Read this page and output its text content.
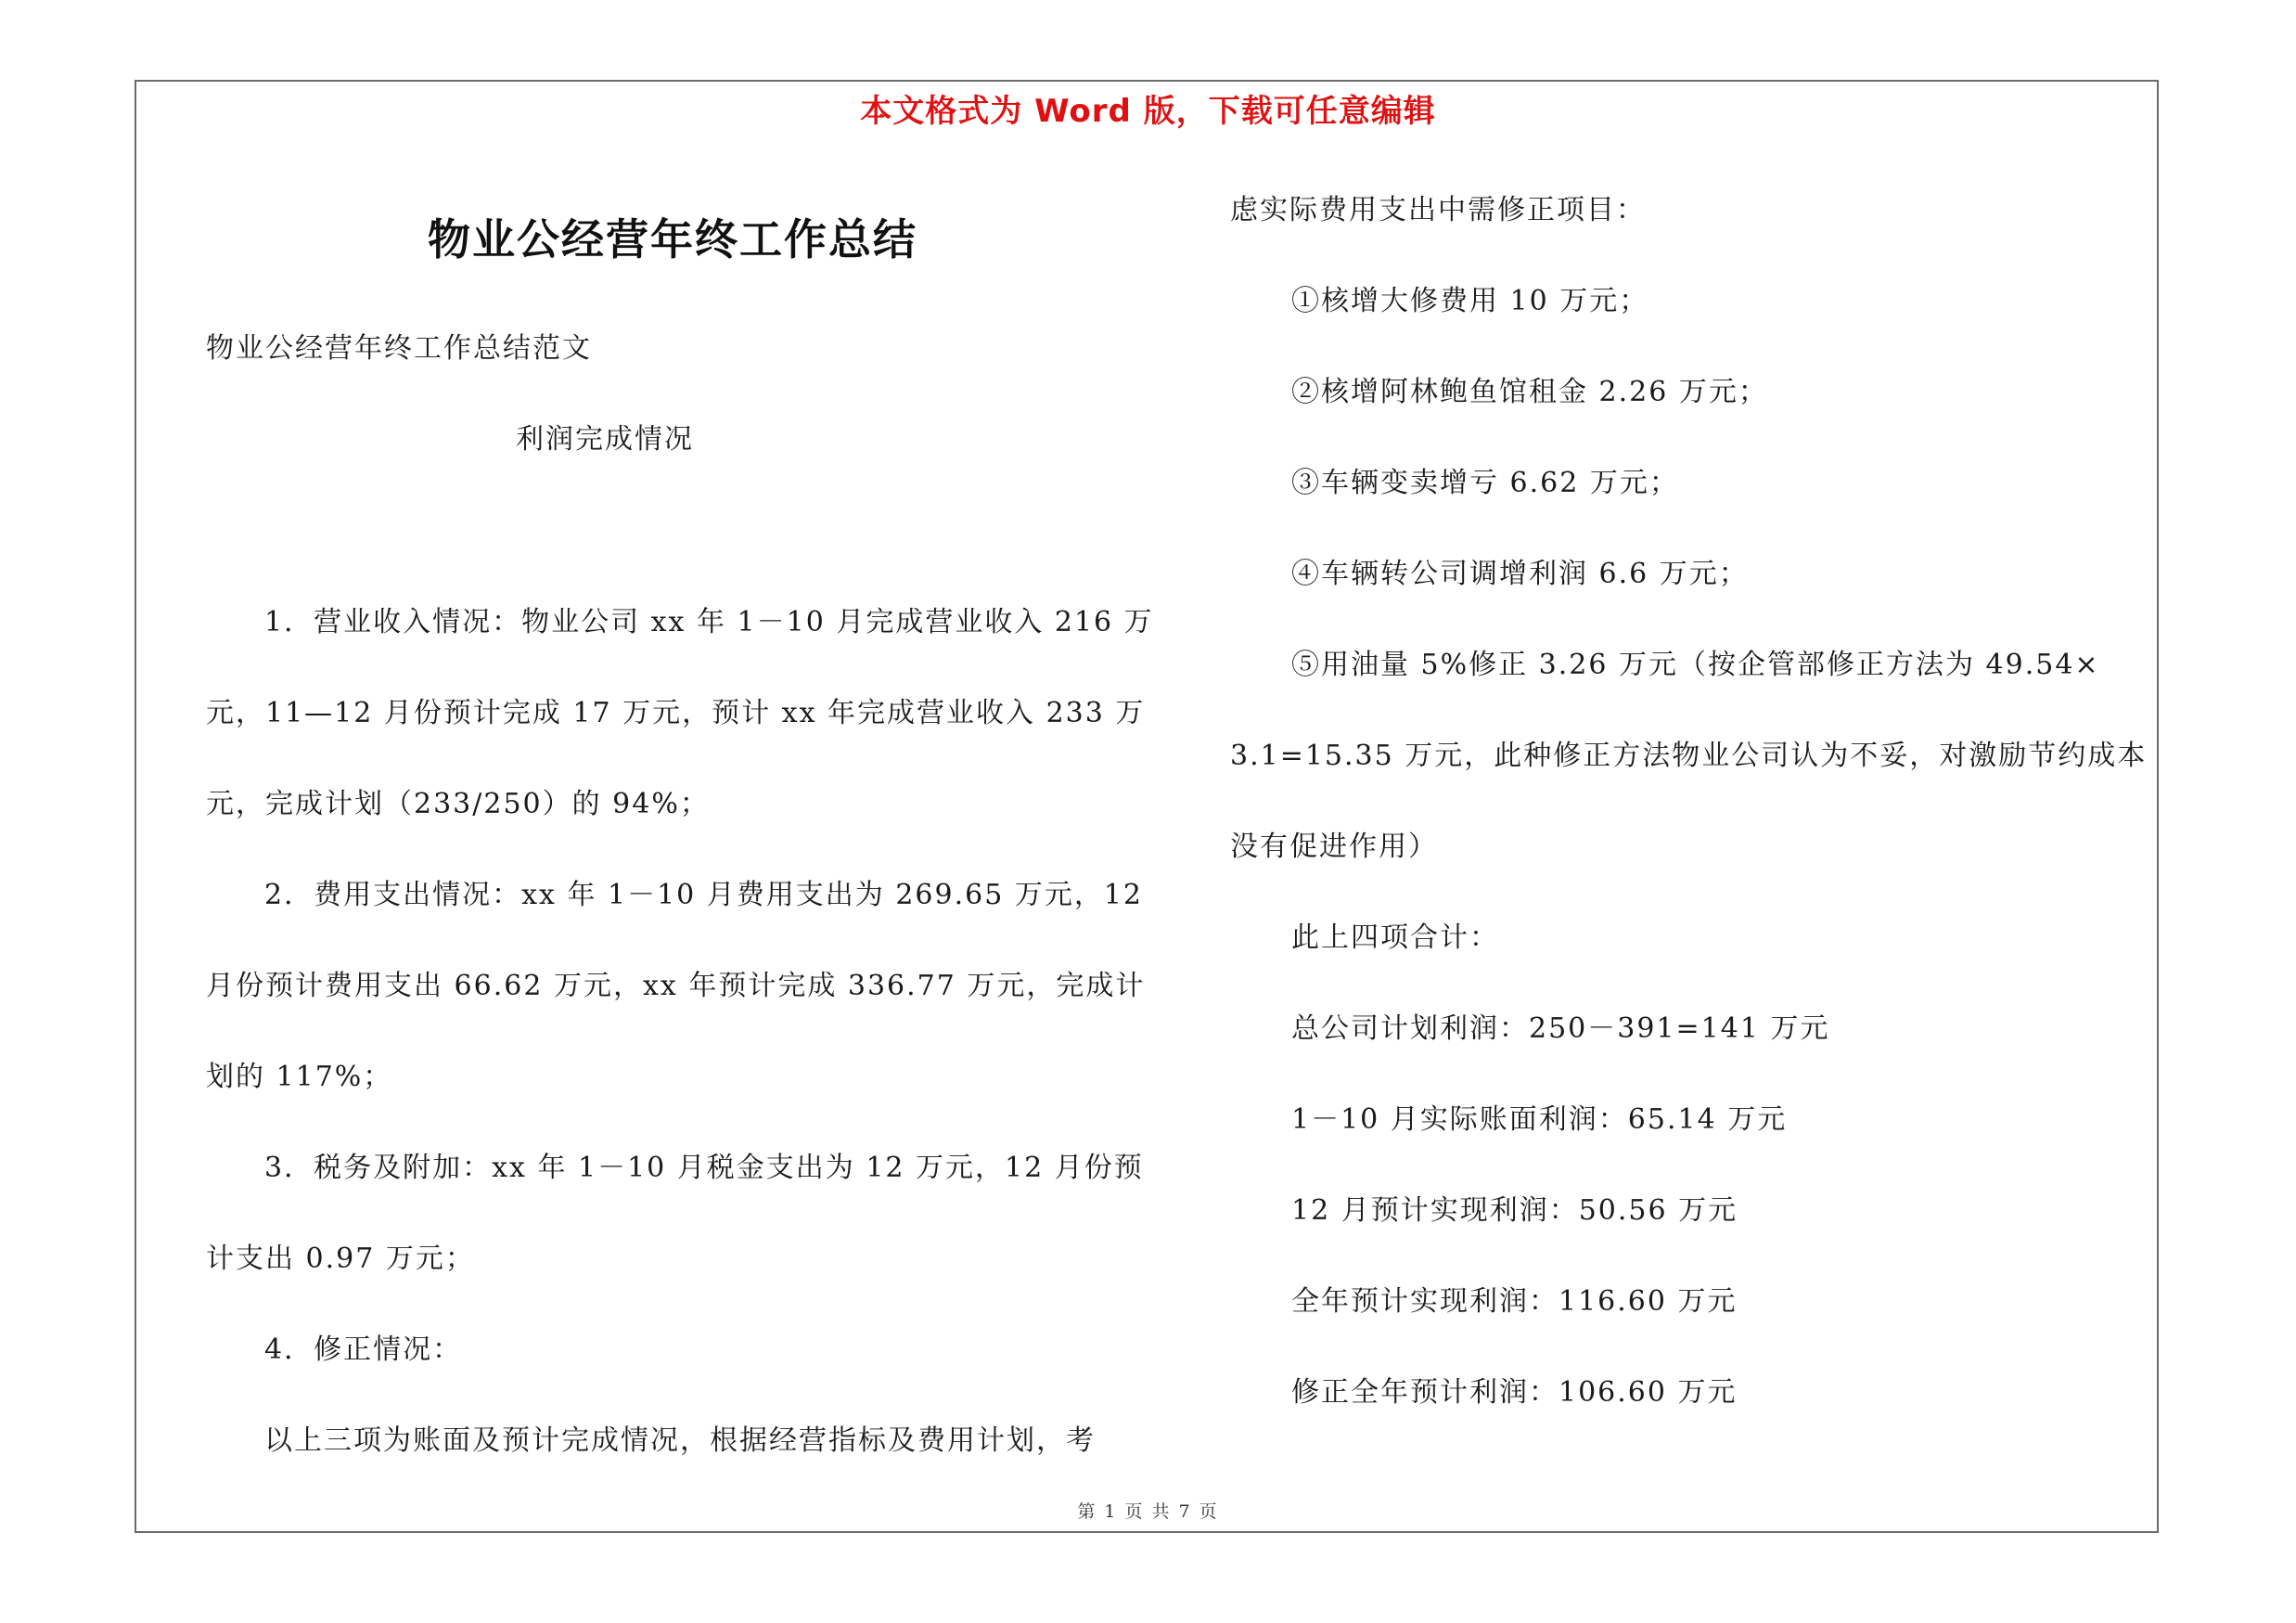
本文格式为 Word 版，下载可任意编辑
物业公经营年终工作总结
物业公经营年终工作总结范文
利润完成情况
1．营业收入情况：物业公司 xx 年 1－10 月完成营业收入 216 万
元，11—12 月份预计完成 17 万元，预计 xx 年完成营业收入 233 万
元，完成计划（233/250）的 94%；
2．费用支出情况：xx 年 1－10 月费用支出为 269.65 万元，12
月份预计费用支出 66.62 万元，xx 年预计完成 336.77 万元，完成计
划的 117%；
3．税务及附加：xx 年 1－10 月税金支出为 12 万元，12 月份预
计支出 0.97 万元；
4．修正情况：
以上三项为账面及预计完成情况，根据经营指标及费用计划，考
虑实际费用支出中需修正项目：
①核增大修费用 10 万元；
②核增阿林鲍鱼馆租金 2.26 万元；
③车辆变卖增亏 6.62 万元；
④车辆转公司调增利润 6.6 万元；
⑤用油量 5%修正 3.26 万元（按企管部修正方法为 49.54×
3.1=15.35 万元，此种修正方法物业公司认为不妥，对激励节约成本
没有促进作用）
此上四项合计：
总公司计划利润：250－391=141 万元
1－10 月实际账面利润：65.14 万元
12 月预计实现利润：50.56 万元
全年预计实现利润：116.60 万元
修正全年预计利润：106.60 万元
第 1 页 共 7 页
